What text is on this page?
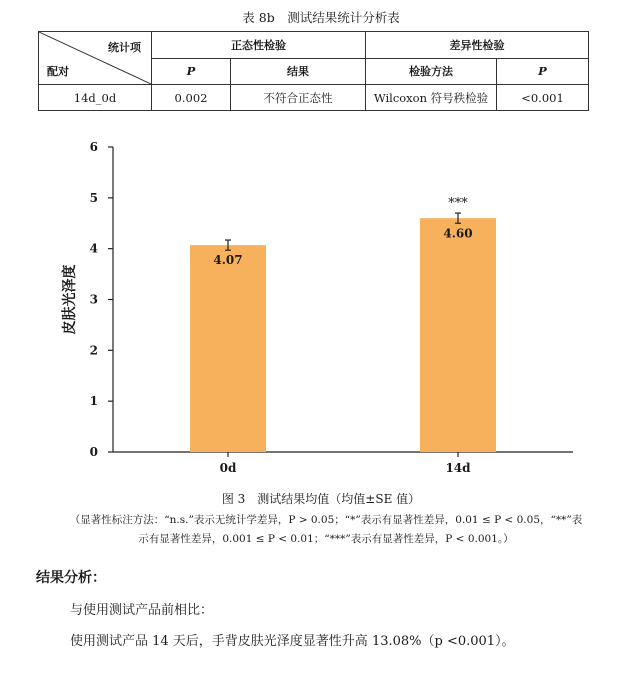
表 8b　测试结果统计分析表
统计项
配对	正态性检验		差异性检验	
	P	结果	检验方法	P
14d_0d	0.002	不符合正态性	Wilcoxon 符号秩检验	<0.001
0
1
2
3
4
5
6
皮肤光泽度
0d
4.07
14d
4.60
***
图 3　测试结果均值（均值±SE 值）
（显著性标注方法：“n.s.”表示无统计学差异，P > 0.05；“*”表示有显著性差异，0.01 ≤ P < 0.05，“**”表
示有显著性差异，0.001 ≤ P < 0.01；“***”表示有显著性差异，P < 0.001。）
结果分析：
与使用测试产品前相比：
使用测试产品 14 天后，手背皮肤光泽度显著性升高 13.08%（p <0.001）。
